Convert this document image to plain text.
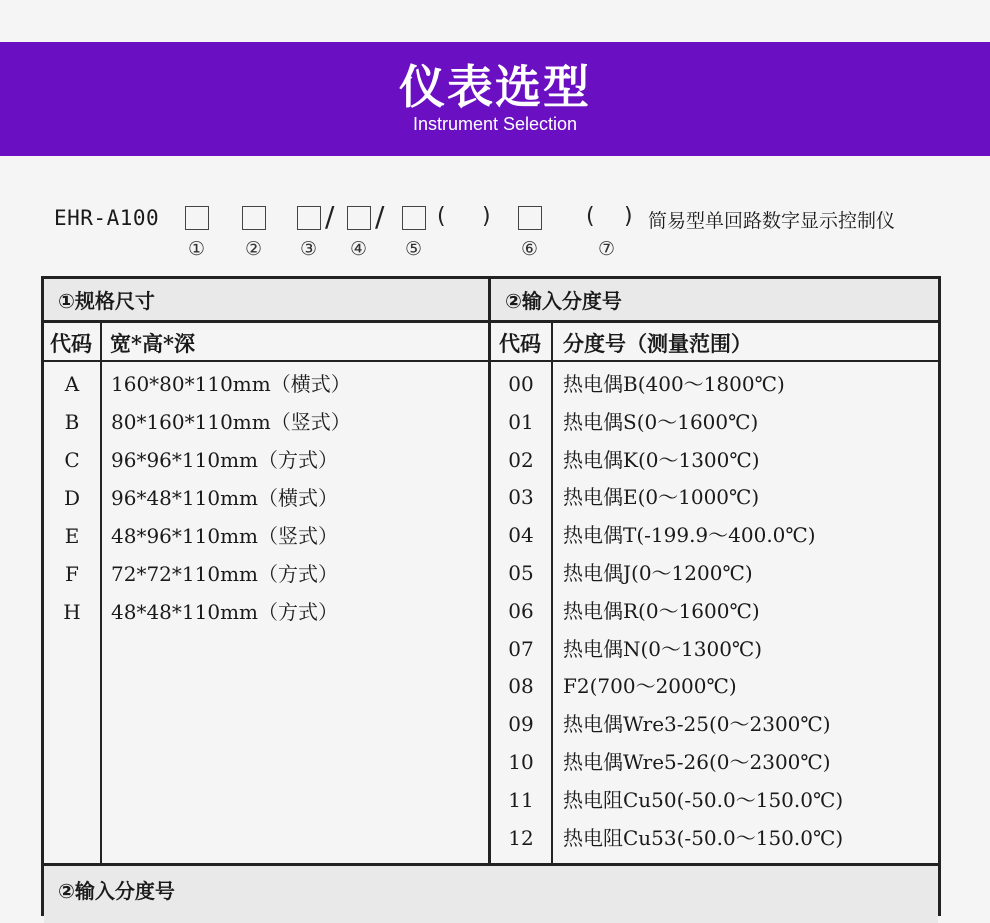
仪表选型
Instrument Selection
EHR-A100	/ / ( )	( ) 简易型单回路数字显示控制仪
① ② ③ ④ ⑤	⑥	⑦
①规格尺寸	②输入分度号
代码 宽*高*深	代码 分度号（测量范围）
A	160*80*110mm（横式）
B	80*160*110mm（竖式）
C	96*96*110mm（方式）
D	96*48*110mm（横式）
E	48*96*110mm（竖式）
F	72*72*110mm（方式）
H	48*48*110mm（方式）
00	热电偶B(400～1800℃)
01	热电偶S(0～1600℃)
02	热电偶K(0～1300℃)
03	热电偶E(0～1000℃)
04	热电偶T(-199.9～400.0℃)
05	热电偶J(0～1200℃)
06	热电偶R(0～1600℃)
07	热电偶N(0～1300℃)
08	F2(700～2000℃)
09	热电偶Wre3-25(0～2300℃)
10	热电偶Wre5-26(0～2300℃)
11	热电阻Cu50(-50.0～150.0℃)
12	热电阻Cu53(-50.0～150.0℃)
②输入分度号
